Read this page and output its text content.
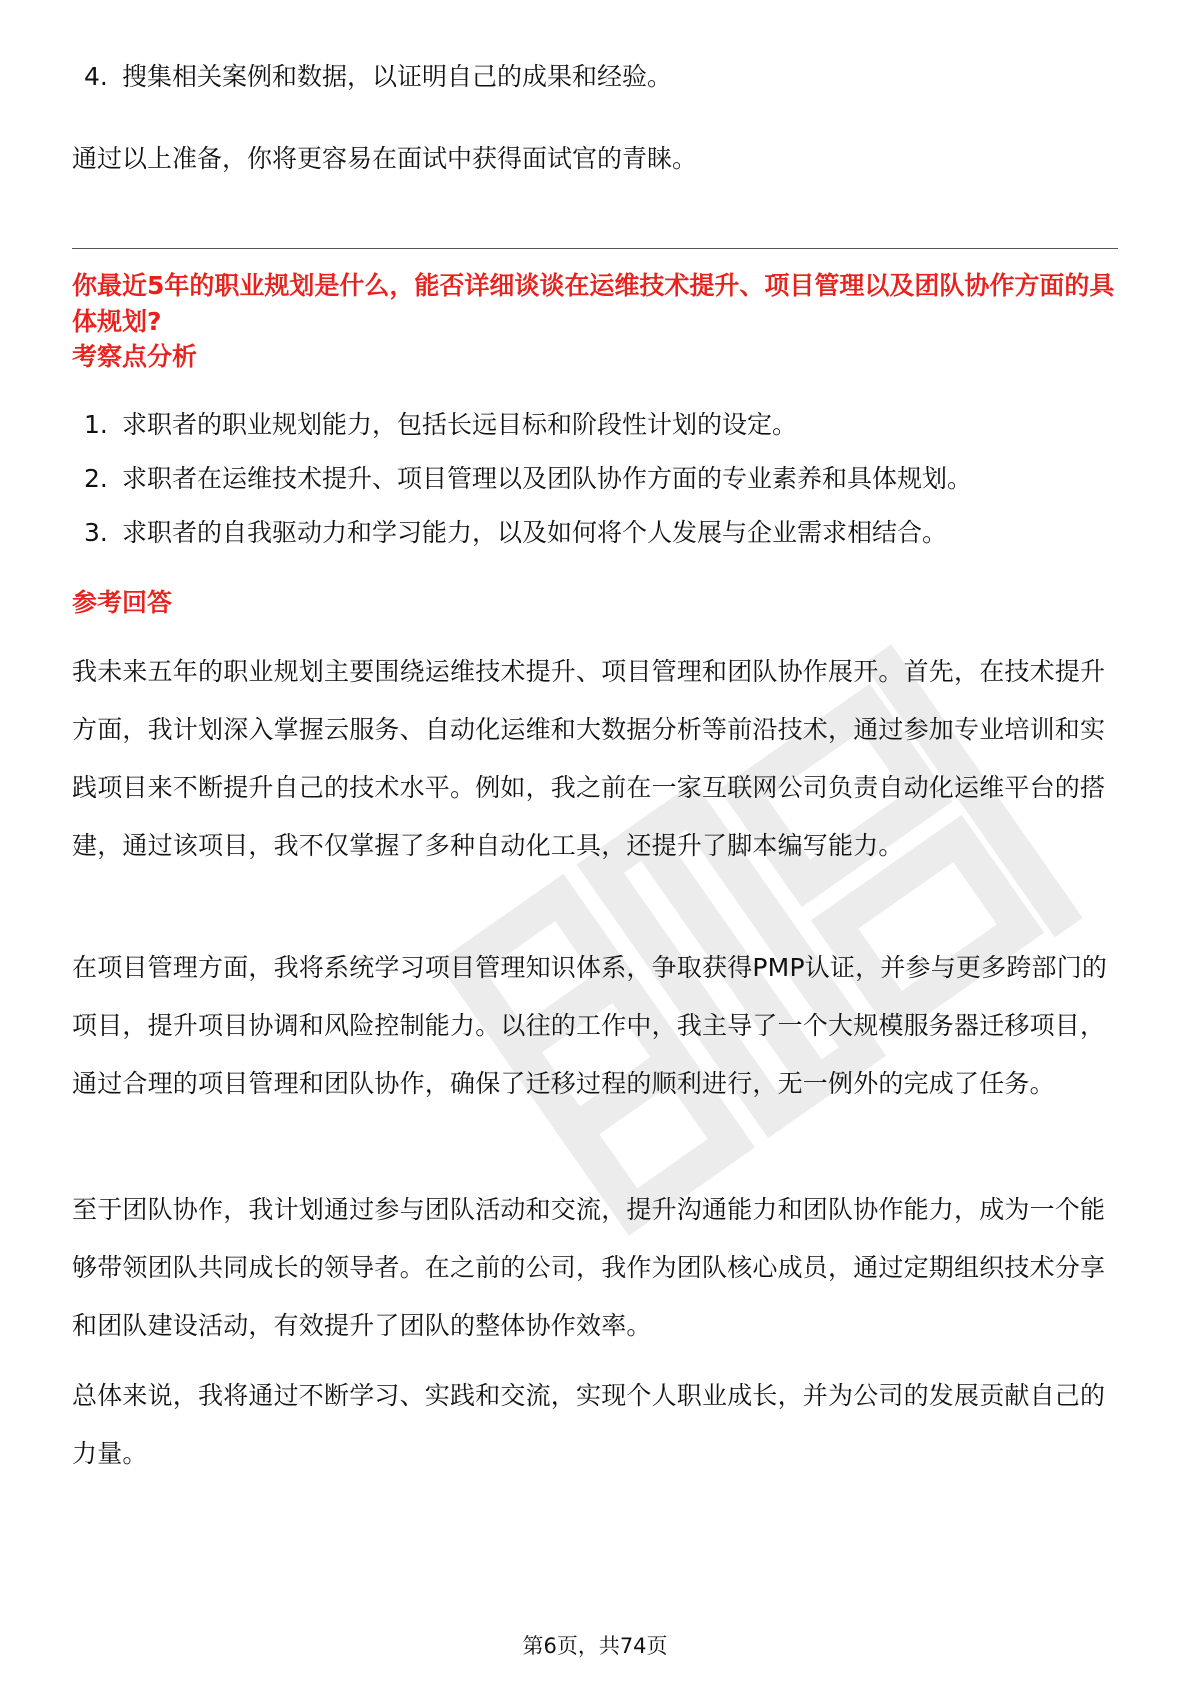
4. 搜集相关案例和数据，以证明自己的成果和经验。
通过以上准备，你将更容易在面试中获得面试官的青睐。
你最近5年的职业规划是什么，能否详细谈谈在运维技术提升、项目管理以及团队协作方面的具体规划?
考察点分析
1. 求职者的职业规划能力，包括长远目标和阶段性计划的设定。
2. 求职者在运维技术提升、项目管理以及团队协作方面的专业素养和具体规划。
3. 求职者的自我驱动力和学习能力，以及如何将个人发展与企业需求相结合。
参考回答
我未来五年的职业规划主要围绕运维技术提升、项目管理和团队协作展开。首先，在技术提升方面，我计划深入掌握云服务、自动化运维和大数据分析等前沿技术，通过参加专业培训和实践项目来不断提升自己的技术水平。例如，我之前在一家互联网公司负责自动化运维平台的搭建，通过该项目，我不仅掌握了多种自动化工具，还提升了脚本编写能力。
在项目管理方面，我将系统学习项目管理知识体系，争取获得PMP认证，并参与更多跨部门的项目，提升项目协调和风险控制能力。以往的工作中，我主导了一个大规模服务器迁移项目，通过合理的项目管理和团队协作，确保了迁移过程的顺利进行，无一例外的完成了任务。
至于团队协作，我计划通过参与团队活动和交流，提升沟通能力和团队协作能力，成为一个能够带领团队共同成长的领导者。在之前的公司，我作为团队核心成员，通过定期组织技术分享和团队建设活动，有效提升了团队的整体协作效率。
总体来说，我将通过不断学习、实践和交流，实现个人职业成长，并为公司的发展贡献自己的力量。
第6页，共74页
